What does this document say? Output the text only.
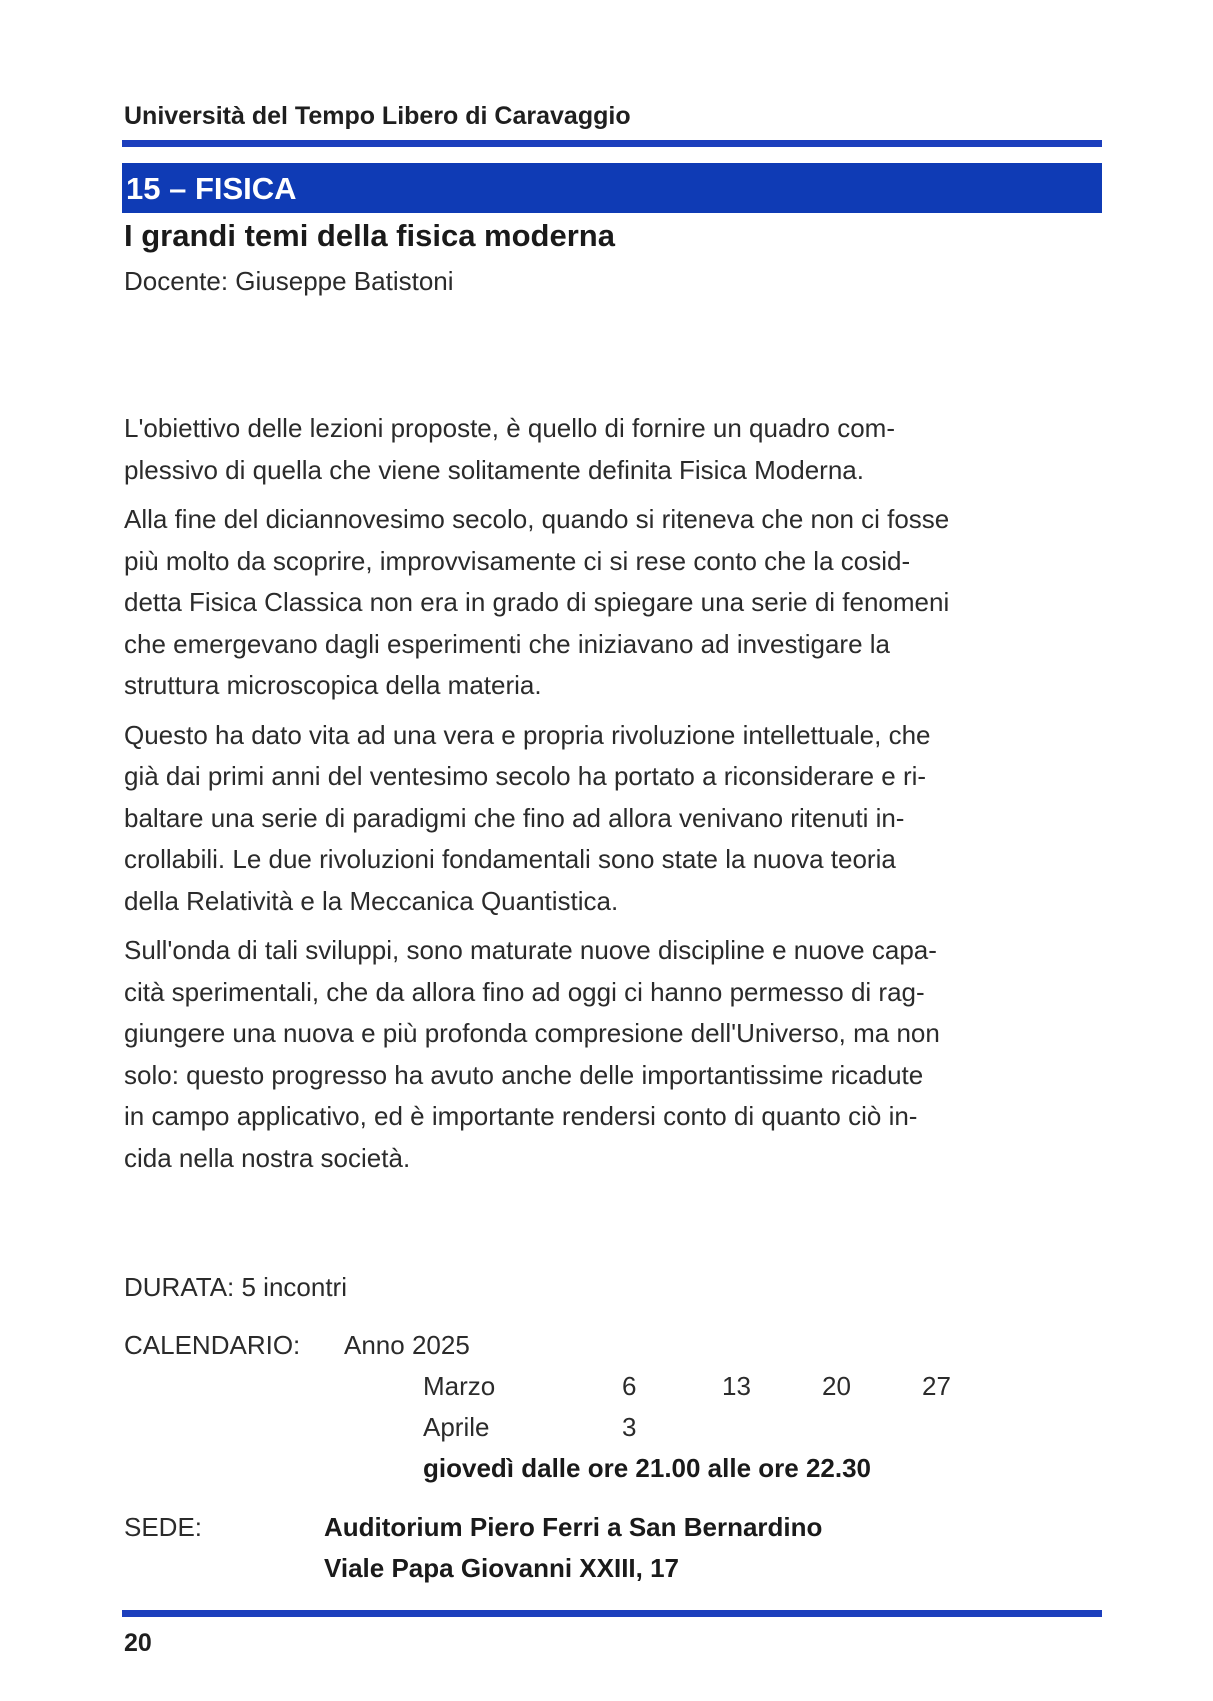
Università del Tempo Libero di Caravaggio
15 – FISICA
I grandi temi della fisica moderna
Docente: Giuseppe Batistoni

L'obiettivo delle lezioni proposte, è quello di fornire un quadro com-
plessivo di quella che viene solitamente definita Fisica Moderna.

Alla fine del diciannovesimo secolo, quando si riteneva che non ci fosse
più molto da scoprire, improvvisamente ci si rese conto che la cosid-
detta Fisica Classica non era in grado di spiegare una serie di fenomeni
che emergevano dagli esperimenti che iniziavano ad investigare la
struttura microscopica della materia.

Questo ha dato vita ad una vera e propria rivoluzione intellettuale, che
già dai primi anni del ventesimo secolo ha portato a riconsiderare e ri-
baltare una serie di paradigmi che fino ad allora venivano ritenuti in-
crollabili. Le due rivoluzioni fondamentali sono state la nuova teoria
della Relatività e la Meccanica Quantistica.

Sull'onda di tali sviluppi, sono maturate nuove discipline e nuove capa-
cità sperimentali, che da allora fino ad oggi ci hanno permesso di rag-
giungere una nuova e più profonda compresione dell'Universo, ma non
solo: questo progresso ha avuto anche delle importantissime ricadute
in campo applicativo, ed è importante rendersi conto di quanto ciò in-
cida nella nostra società.

DURATA: 5 incontri
CALENDARIO: Anno 2025
Marzo	6	13	20	27
Aprile	3
giovedì dalle ore 21.00 alle ore 22.30
SEDE:	Auditorium Piero Ferri a San Bernardino
Viale Papa Giovanni XXIII, 17
20
